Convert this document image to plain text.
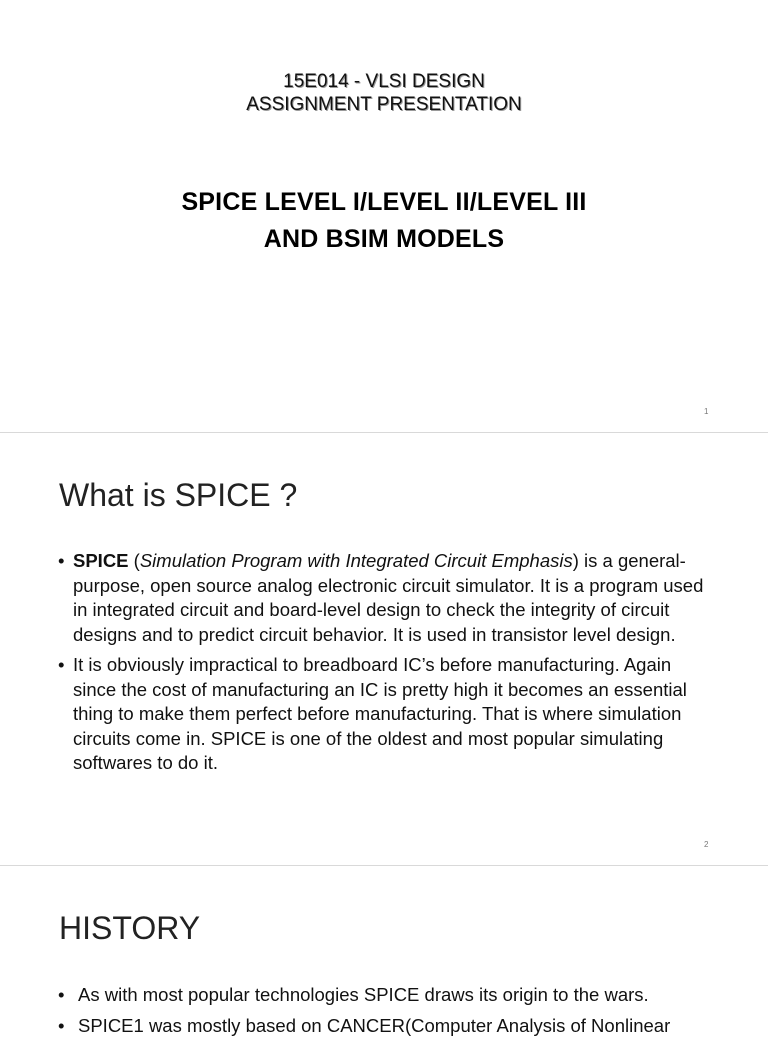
15E014 - VLSI DESIGN
ASSIGNMENT PRESENTATION
SPICE LEVEL I/LEVEL II/LEVEL III
AND BSIM MODELS
1
What is SPICE ?
• SPICE (Simulation Program with Integrated Circuit Emphasis) is a general-purpose, open source analog electronic circuit simulator. It is a program used in integrated circuit and board-level design to check the integrity of circuit designs and to predict circuit behavior. It is used in transistor level design.
• It is obviously impractical to breadboard IC’s before manufacturing. Again since the cost of manufacturing an IC is pretty high it becomes an essential thing to make them perfect before manufacturing. That is where simulation circuits come in. SPICE is one of the oldest and most popular simulating softwares to do it.
2
HISTORY
• As with most popular technologies SPICE draws its origin to the wars.
• SPICE1 was mostly based on CANCER(Computer Analysis of Nonlinear
